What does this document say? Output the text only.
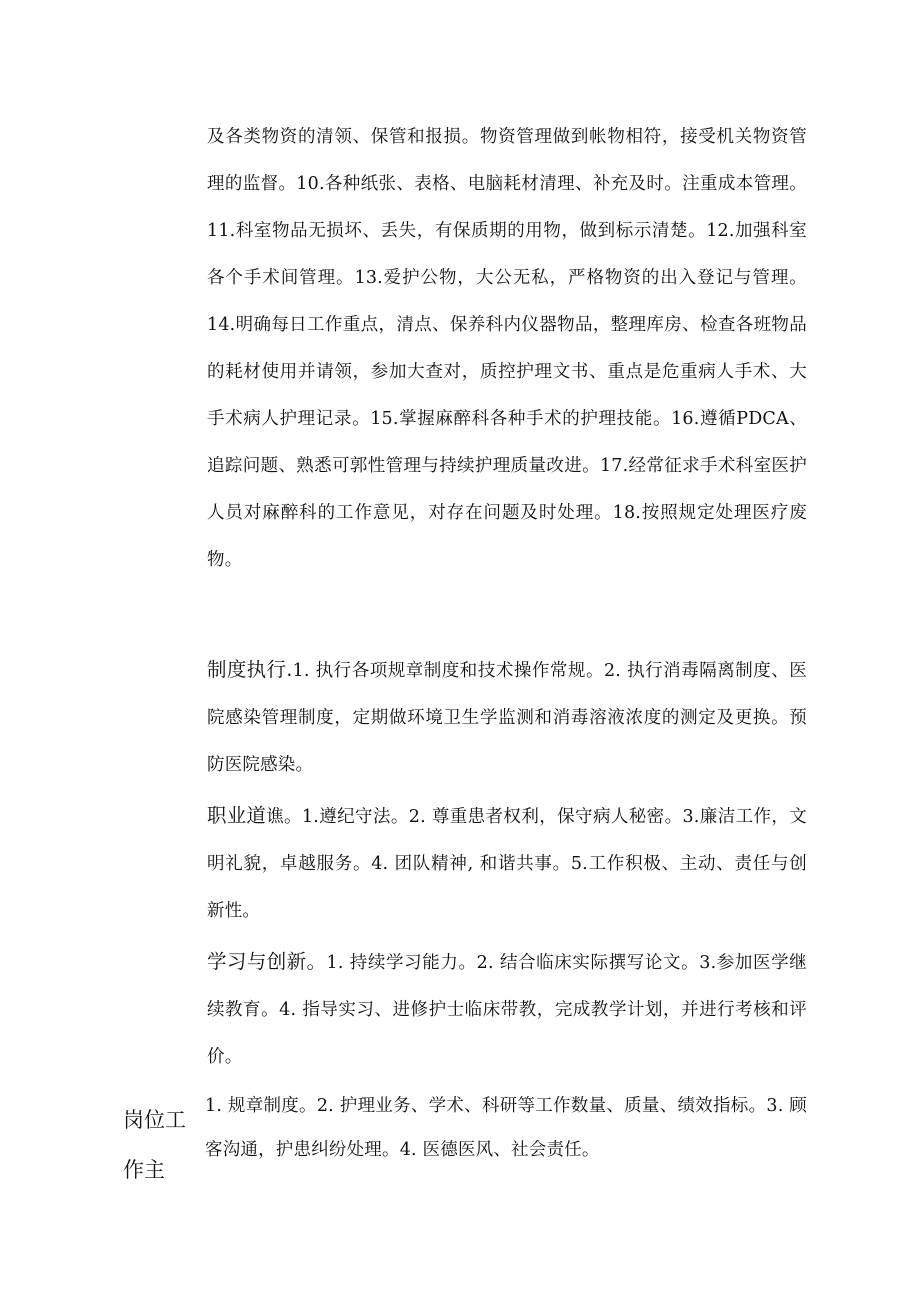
及各类物资的清领、保管和报损。物资管理做到帐物相符，接受机关物资管理的监督。10.各种纸张、表格、电脑耗材清理、补充及时。注重成本管理。11.科室物品无损坏、丢失，有保质期的用物，做到标示清楚。12.加强科室各个手术间管理。13.爱护公物，大公无私，严格物资的出入登记与管理。14.明确每日工作重点，清点、保养科内仪器物品，整理库房、检查各班物品的耗材使用并请领，参加大查对，质控护理文书、重点是危重病人手术、大手术病人护理记录。15.掌握麻醉科各种手术的护理技能。16.遵循PDCA、追踪问题、熟悉可郭性管理与持续护理质量改进。17.经常征求手术科室医护人员对麻醉科的工作意见，对存在问题及时处理。18.按照规定处理医疗废物。
制度执行.1. 执行各项规章制度和技术操作常规。2. 执行消毒隔离制度、医院感染管理制度，定期做环境卫生学监测和消毒溶液浓度的测定及更换。预防医院感染。
职业道谯。1.遵纪守法。2. 尊重患者权利，保守病人秘密。3.廉洁工作，文明礼貌，卓越服务。4. 团队精神, 和谐共事。5.工作积极、主动、责任与创新性。
学习与创新。1. 持续学习能力。2. 结合临床实际撰写论文。3.参加医学继续教育。4. 指导实习、进修护士临床带教，完成教学计划，并进行考核和评价。
岗位工
作主
1. 规章制度。2. 护理业务、学术、科研等工作数量、质量、绩效指标。3. 顾客沟通，护患纠纷处理。4. 医德医风、社会责任。
